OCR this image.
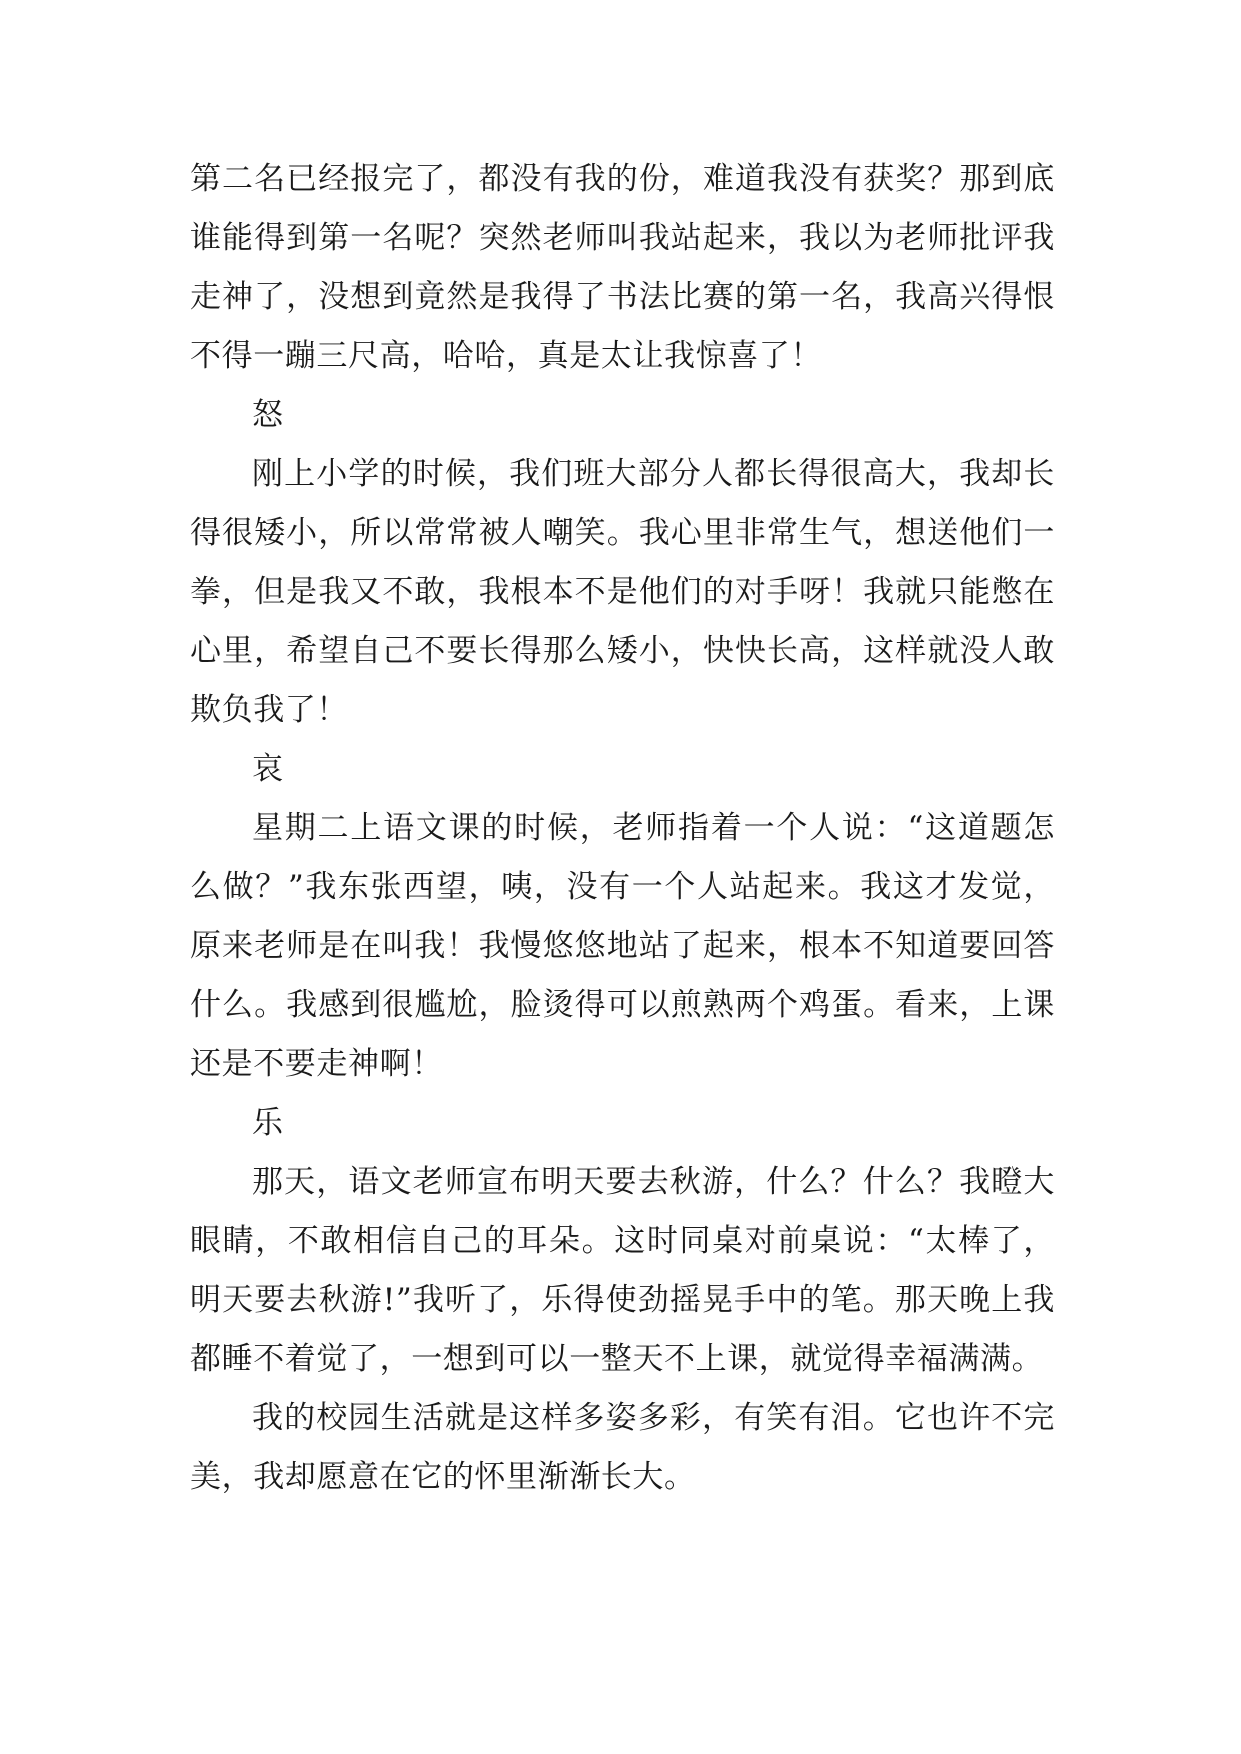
第二名已经报完了，都没有我的份，难道我没有获奖？那到底谁能得到第一名呢？突然老师叫我站起来，我以为老师批评我走神了，没想到竟然是我得了书法比赛的第一名，我高兴得恨不得一蹦三尺高，哈哈，真是太让我惊喜了！

怒

刚上小学的时候，我们班大部分人都长得很高大，我却长得很矮小，所以常常被人嘲笑。我心里非常生气，想送他们一拳，但是我又不敢，我根本不是他们的对手呀！我就只能憋在心里，希望自己不要长得那么矮小，快快长高，这样就没人敢欺负我了！

哀

星期二上语文课的时候，老师指着一个人说：“这道题怎么做？”我东张西望，咦，没有一个人站起来。我这才发觉，原来老师是在叫我！我慢悠悠地站了起来，根本不知道要回答什么。我感到很尴尬，脸烫得可以煎熟两个鸡蛋。看来，上课还是不要走神啊！

乐

那天，语文老师宣布明天要去秋游，什么？什么？我瞪大眼睛，不敢相信自己的耳朵。这时同桌对前桌说：“太棒了，明天要去秋游!”我听了，乐得使劲摇晃手中的笔。那天晚上我都睡不着觉了，一想到可以一整天不上课，就觉得幸福满满。

我的校园生活就是这样多姿多彩，有笑有泪。它也许不完美，我却愿意在它的怀里渐渐长大。
